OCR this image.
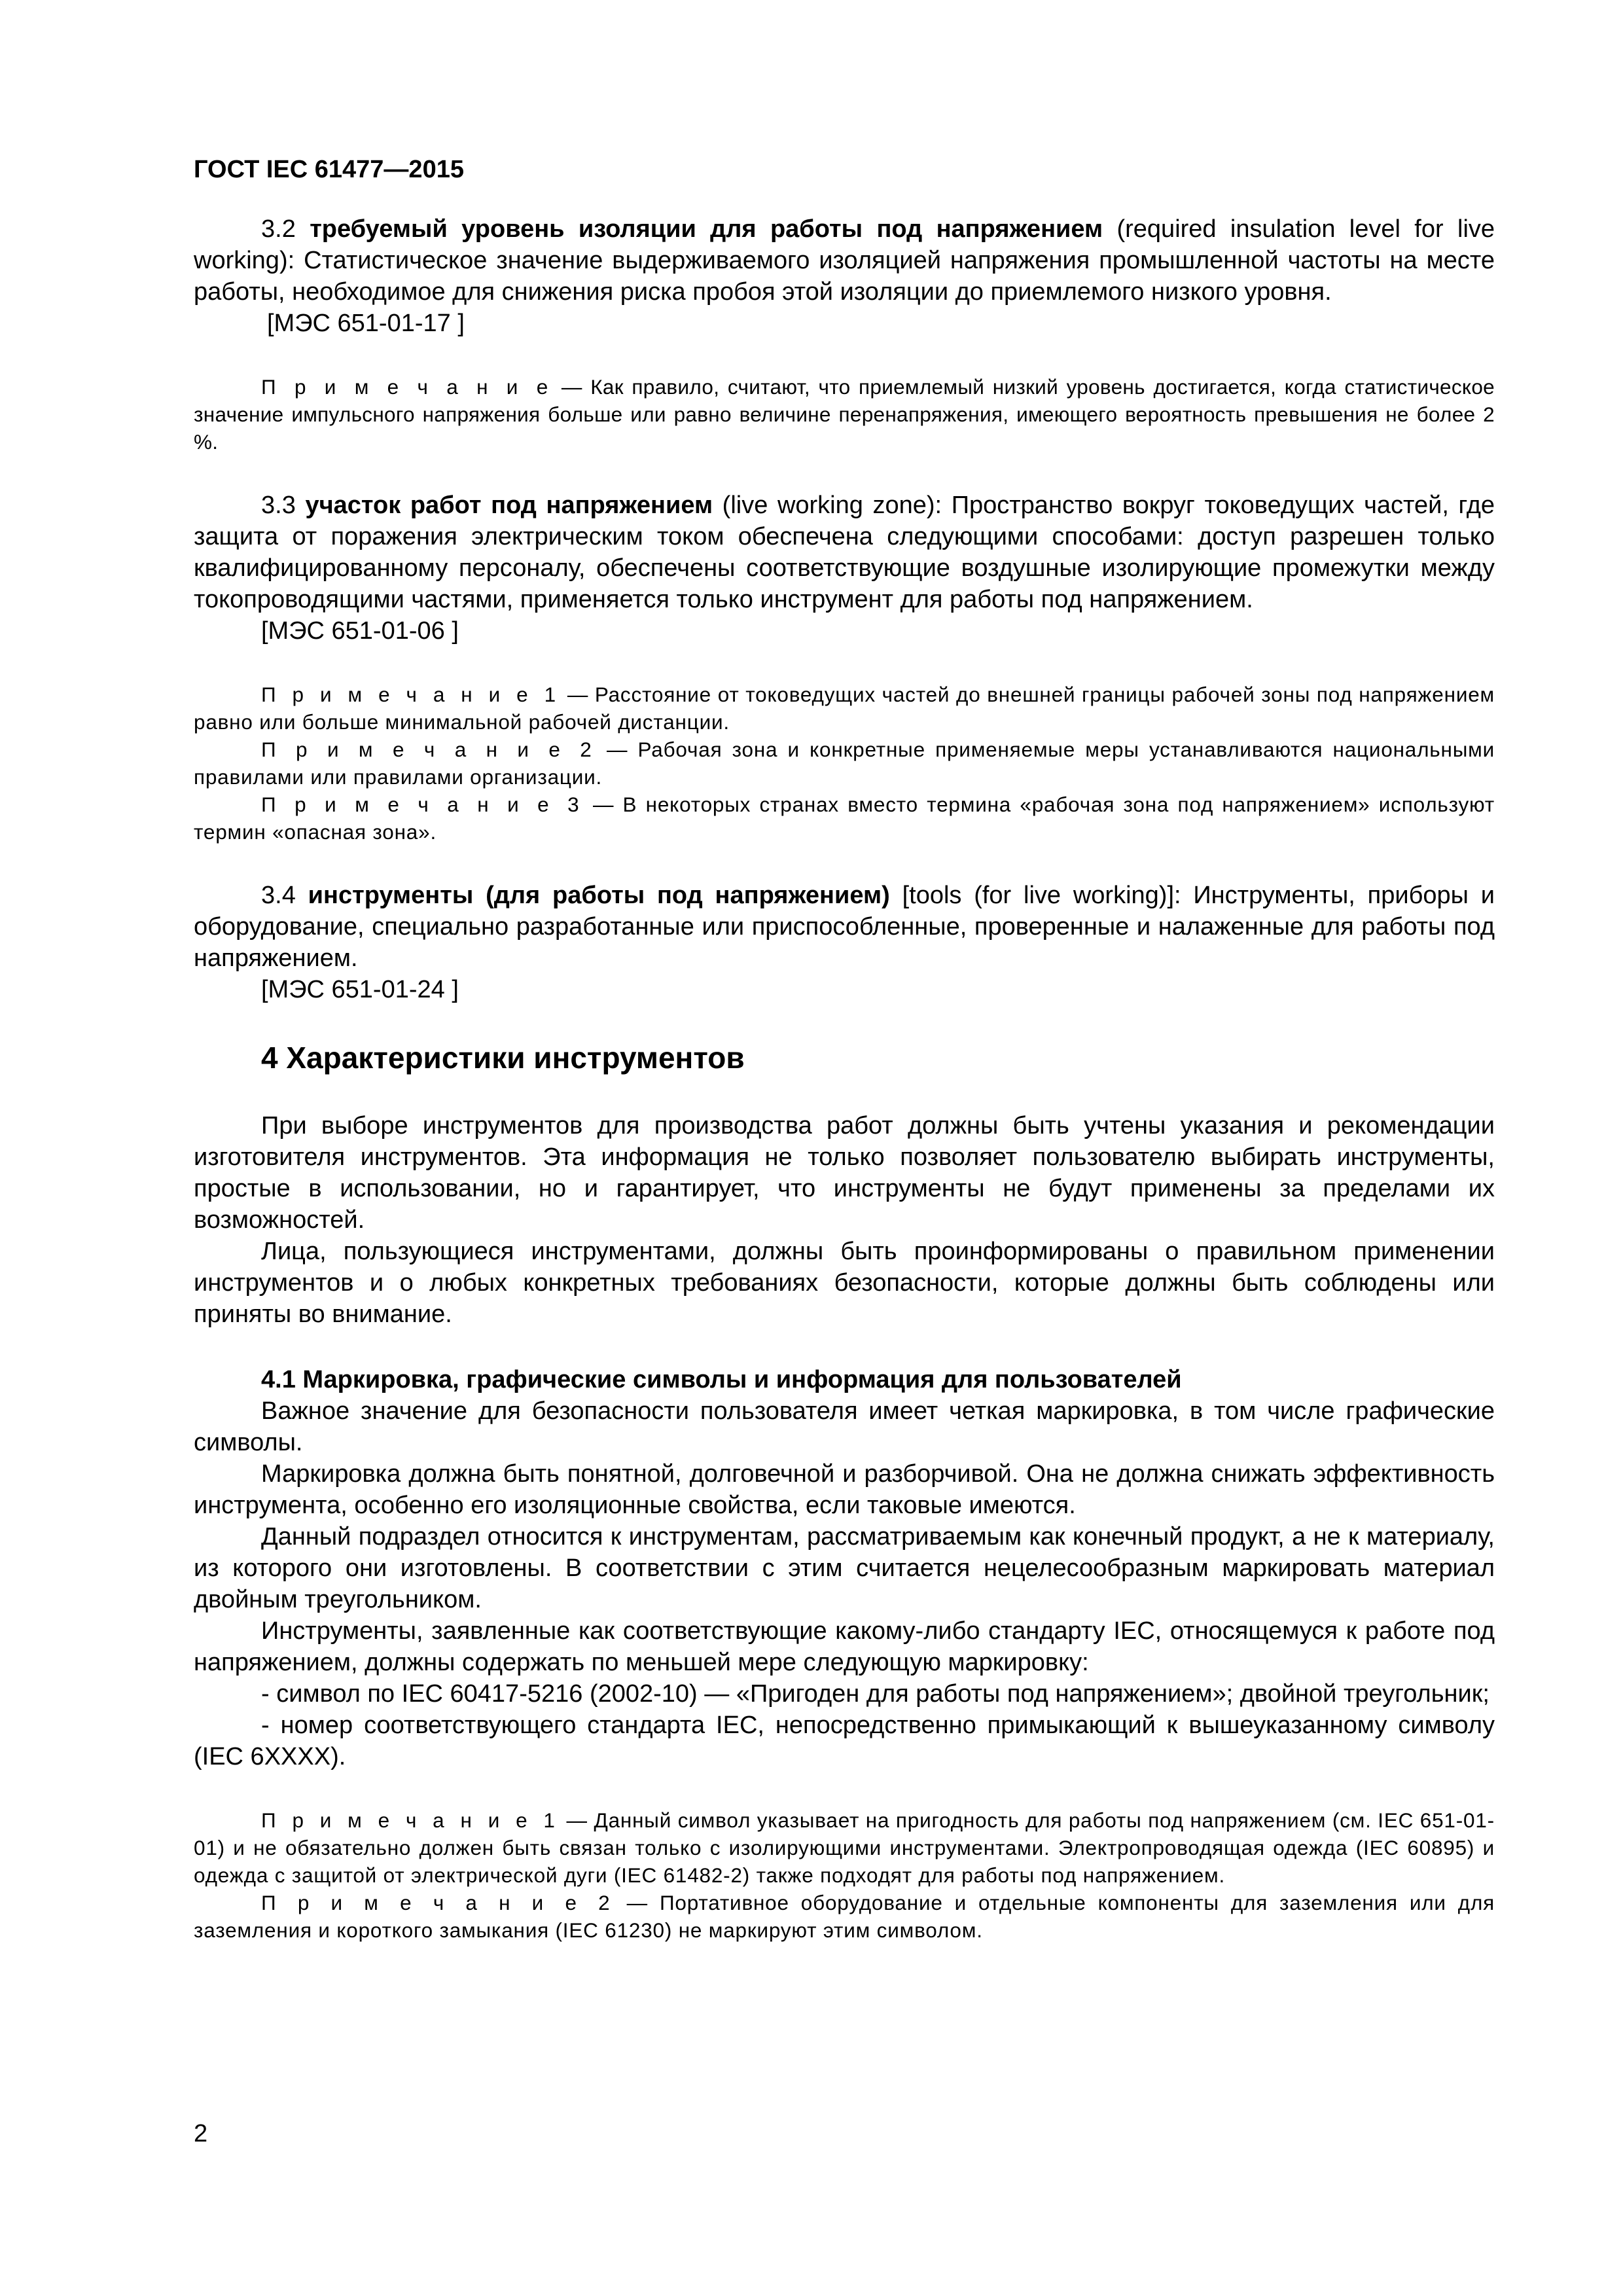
ГОСТ IEC 61477—2015

3.2 требуемый уровень изоляции для работы под напряжением (required insulation level for live working): Статистическое значение выдерживаемого изоляцией напряжения промышленной частоты на месте работы, необходимое для снижения риска пробоя этой изоляции до приемлемого низкого уровня.

[МЭС 651-01-17 ]

П р и м е ч а н и е — Как правило, считают, что приемлемый низкий уровень достигается, когда статистическое значение импульсного напряжения больше или равно величине перенапряжения, имеющего вероятность превышения не более 2 %.

3.3 участок работ под напряжением (live working zone): Пространство вокруг токоведущих частей, где защита от поражения электрическим током обеспечена следующими способами: доступ разрешен только квалифицированному персоналу, обеспечены соответствующие воздушные изолирующие промежутки между токопроводящими частями, применяется только инструмент для работы под напряжением.

[МЭС 651-01-06 ]

П р и м е ч а н и е 1 — Расстояние от токоведущих частей до внешней границы рабочей зоны под напряжением равно или больше минимальной рабочей дистанции.

П р и м е ч а н и е 2 — Рабочая зона и конкретные применяемые меры устанавливаются национальными правилами или правилами организации.

П р и м е ч а н и е 3 — В некоторых странах вместо термина «рабочая зона под напряжением» используют термин «опасная зона».

3.4 инструменты (для работы под напряжением) [tools (for live working)]: Инструменты, приборы и оборудование, специально разработанные или приспособленные, проверенные и налаженные для работы под напряжением.

[МЭС 651-01-24 ]

4 Характеристики инструментов

При выборе инструментов для производства работ должны быть учтены указания и рекомендации изготовителя инструментов. Эта информация не только позволяет пользователю выбирать инструменты, простые в использовании, но и гарантирует, что инструменты не будут применены за пределами их возможностей.

Лица, пользующиеся инструментами, должны быть проинформированы о правильном применении инструментов и о любых конкретных требованиях безопасности, которые должны быть соблюдены или приняты во внимание.

4.1 Маркировка, графические символы и информация для пользователей

Важное значение для безопасности пользователя имеет четкая маркировка, в том числе графические символы.

Маркировка должна быть понятной, долговечной и разборчивой. Она не должна снижать эффективность инструмента, особенно его изоляционные свойства, если таковые имеются.

Данный подраздел относится к инструментам, рассматриваемым как конечный продукт, а не к материалу, из которого они изготовлены. В соответствии с этим считается нецелесообразным маркировать материал двойным треугольником.

Инструменты, заявленные как соответствующие какому-либо стандарту IEC, относящемуся к работе под напряжением, должны содержать по меньшей мере следующую маркировку:

- символ по IEC 60417-5216 (2002-10) — «Пригоден для работы под напряжением»; двойной треугольник;

- номер соответствующего стандарта IEC, непосредственно примыкающий к вышеуказанному символу (IEC 6XXXX).

П р и м е ч а н и е 1 — Данный символ указывает на пригодность для работы под напряжением (см. IEC 651-01-01) и не обязательно должен быть связан только с изолирующими инструментами. Электропроводящая одежда (IEC 60895) и одежда с защитой от электрической дуги (IEC 61482-2) также подходят для работы под напряжением.

П р и м е ч а н и е 2 — Портативное оборудование и отдельные компоненты для заземления или для заземления и короткого замыкания (IEC 61230) не маркируют этим символом.

2
